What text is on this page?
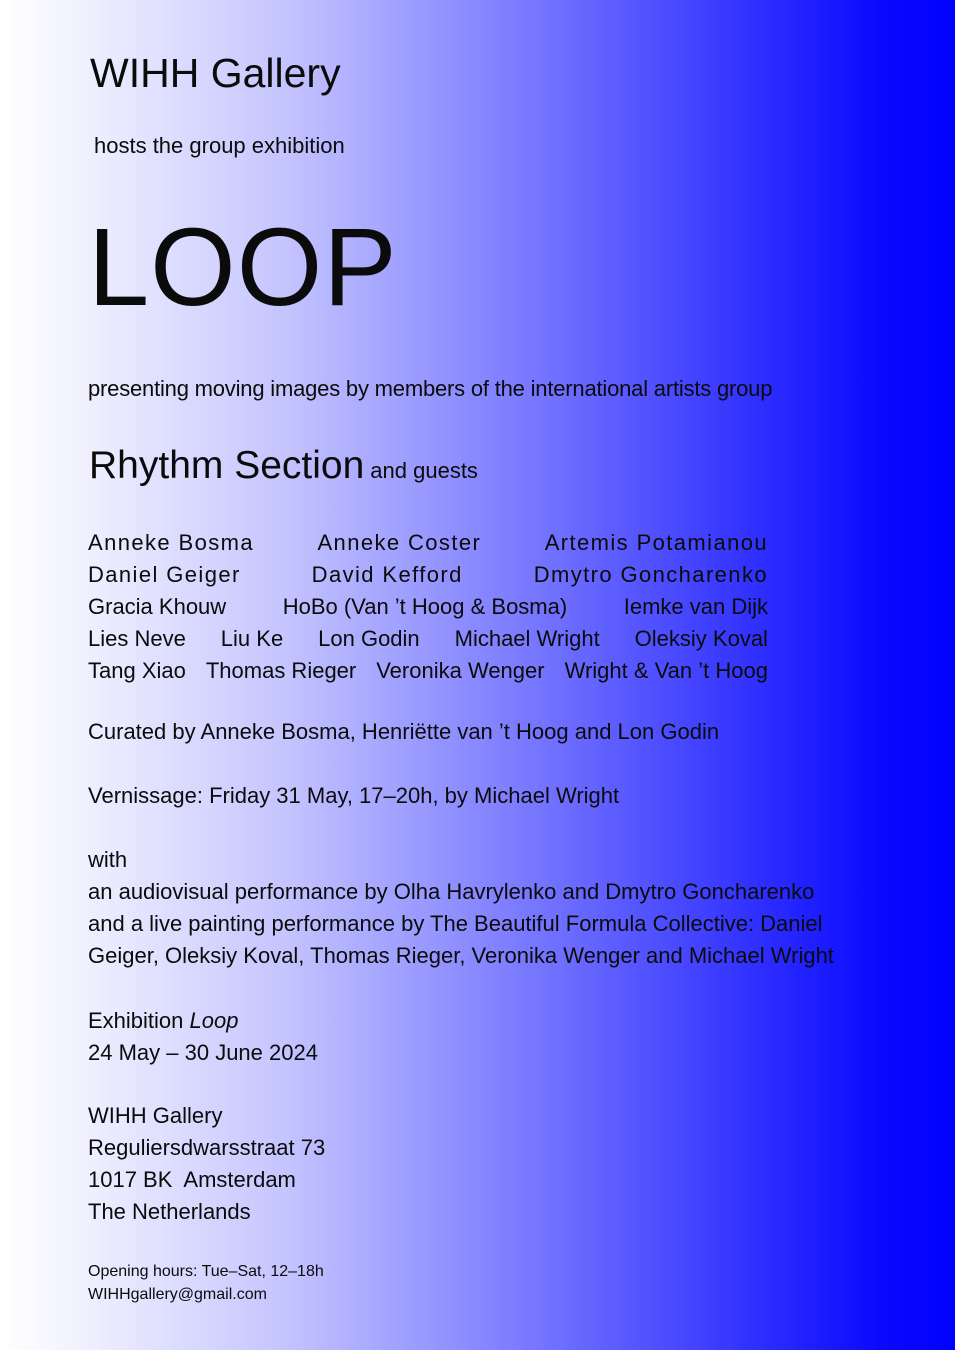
WIHH Gallery
hosts the group exhibition
LOOP
presenting moving images by members of the international artists group
Rhythm Section and guests
Anneke Bosma	Anneke Coster	Artemis Potamianou
Daniel Geiger	David Kefford	Dmytro Goncharenko
Gracia Khouw	HoBo (Van ’t Hoog & Bosma)	Iemke van Dijk
Lies Neve Liu Ke Lon Godin Michael Wright Oleksiy Koval
Tang Xiao Thomas Rieger Veronika Wenger Wright & Van ’t Hoog
Curated by Anneke Bosma, Henriëtte van ’t Hoog and Lon Godin
Vernissage: Friday 31 May, 17–20h, by Michael Wright
with
an audiovisual performance by Olha Havrylenko and Dmytro Goncharenko
and a live painting performance by The Beautiful Formula Collective: Daniel
Geiger, Oleksiy Koval, Thomas Rieger, Veronika Wenger and Michael Wright
Exhibition Loop
24 May – 30 June 2024
WIHH Gallery
Reguliersdwarsstraat 73
1017 BK  Amsterdam
The Netherlands
Opening hours: Tue–Sat, 12–18h
WIHHgallery@gmail.com
